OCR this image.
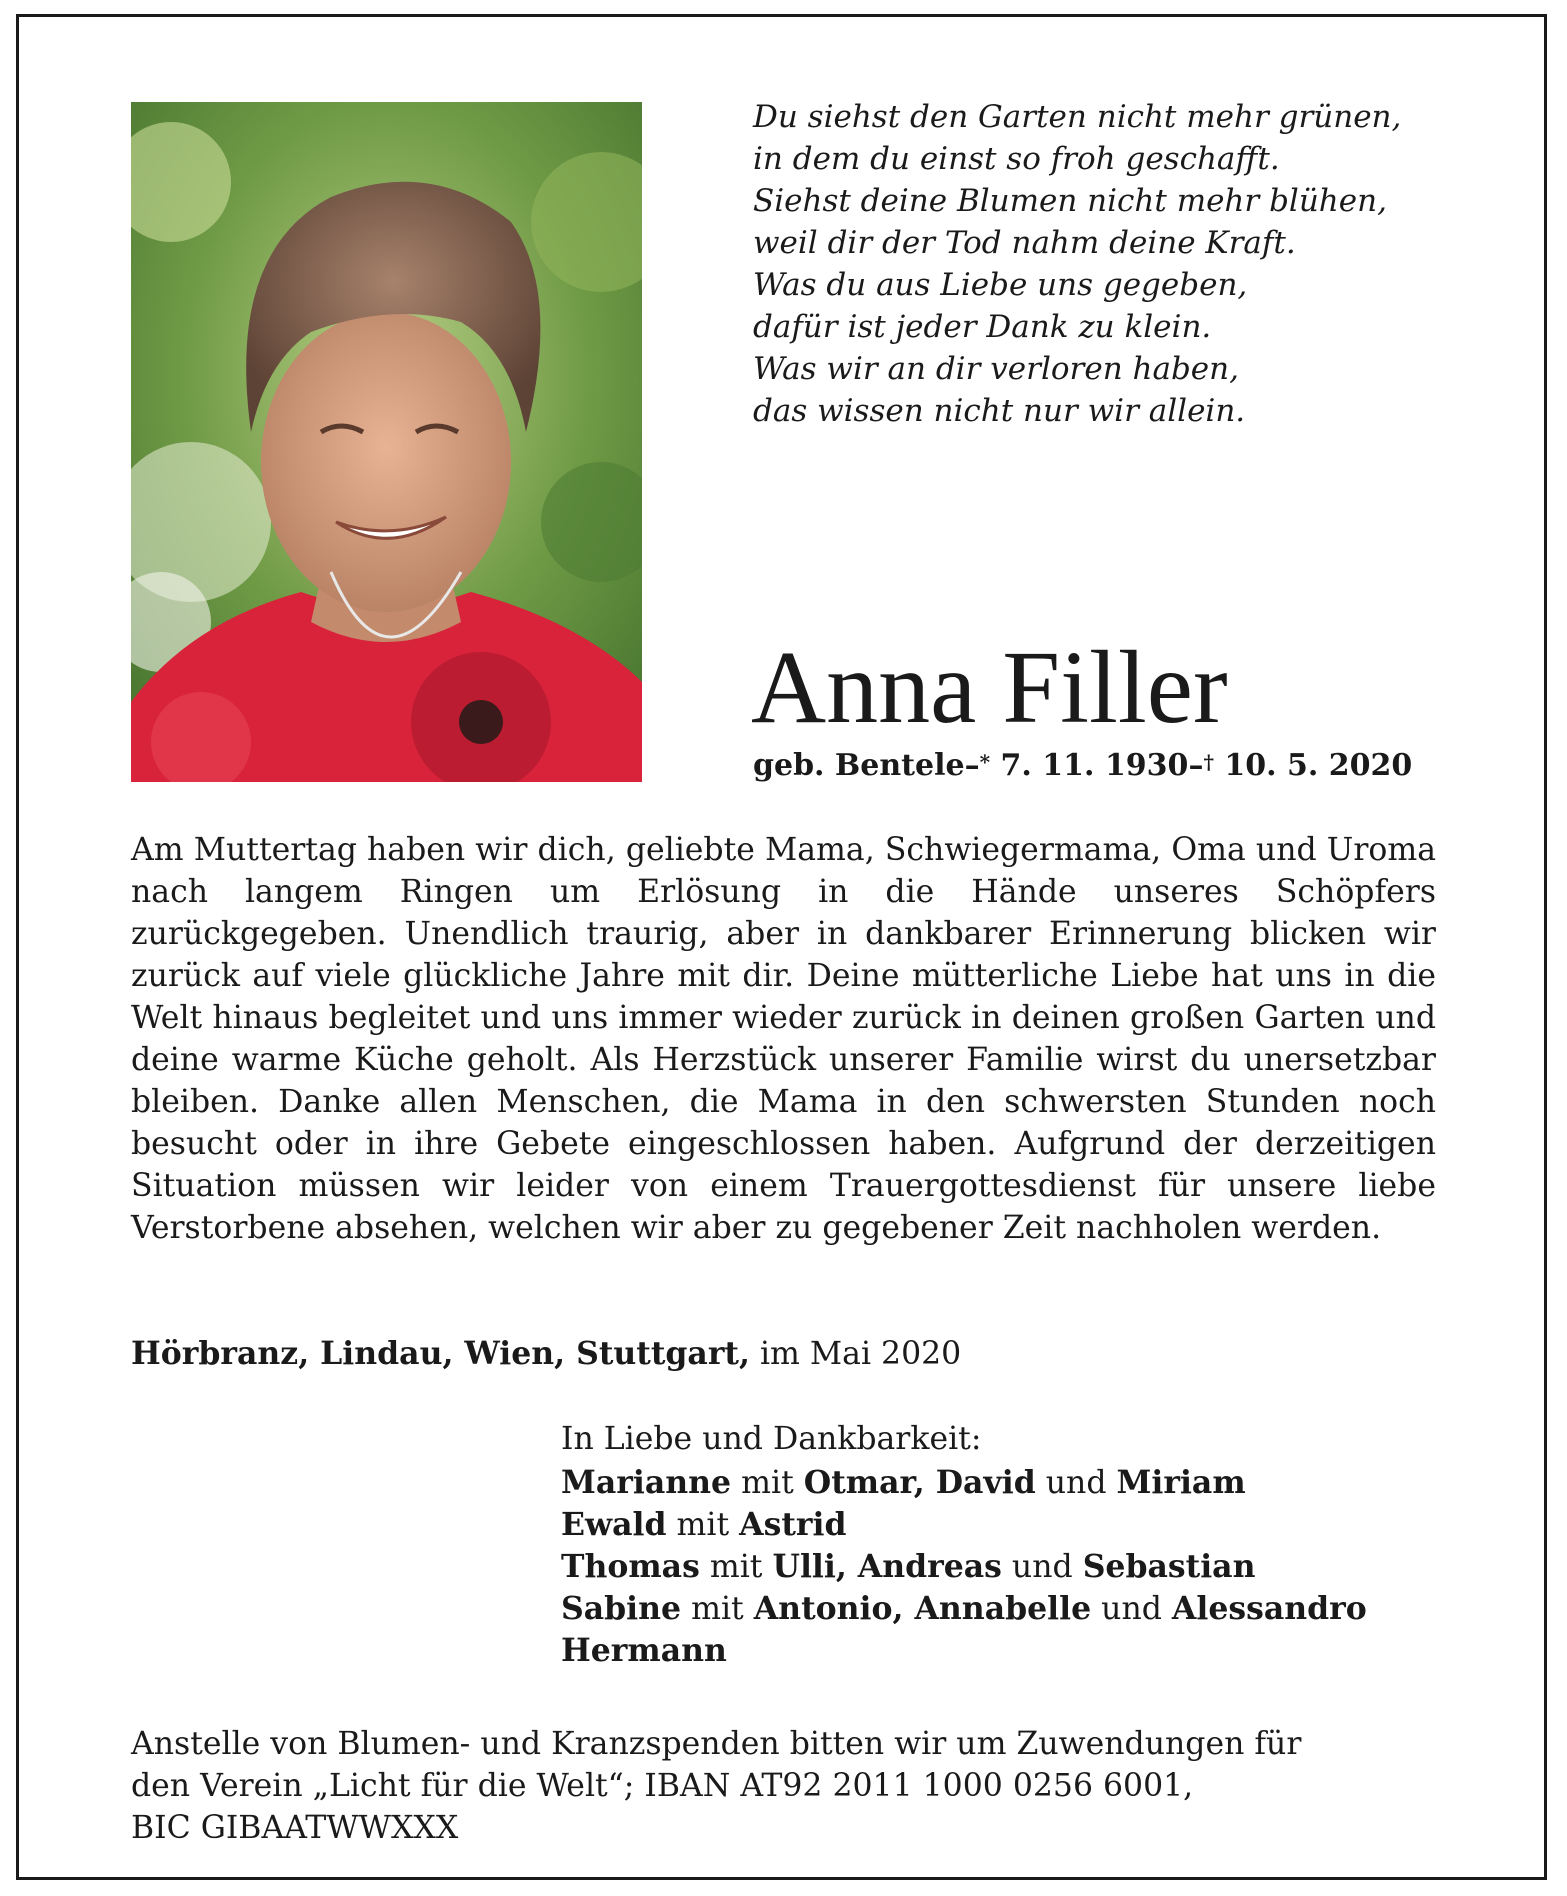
Du siehst den Garten nicht mehr grünen,
in dem du einst so froh geschafft.
Siehst deine Blumen nicht mehr blühen,
weil dir der Tod nahm deine Kraft.
Was du aus Liebe uns gegeben,
dafür ist jeder Dank zu klein.
Was wir an dir verloren haben,
das wissen nicht nur wir allein.
Anna Filler
geb. Bentele–* 7. 11. 1930–† 10. 5. 2020
Am Muttertag haben wir dich, geliebte Mama, Schwiegermama, Oma und Uroma nach langem Ringen um Erlösung in die Hände unseres Schöpfers zurückgegeben. Unendlich traurig, aber in dankbarer Erinnerung blicken wir zurück auf viele glückliche Jahre mit dir. Deine mütterliche Liebe hat uns in die Welt hinaus begleitet und uns immer wieder zurück in deinen großen Garten und deine warme Küche geholt. Als Herzstück unserer Familie wirst du unersetzbar bleiben. Danke allen Menschen, die Mama in den schwersten Stunden noch besucht oder in ihre Gebete eingeschlossen haben. Aufgrund der derzeitigen Situation müssen wir leider von einem Trauergottesdienst für unsere liebe Verstorbene absehen, welchen wir aber zu gegebener Zeit nachholen werden.
Hörbranz, Lindau, Wien, Stuttgart, im Mai 2020
In Liebe und Dankbarkeit:
Marianne mit Otmar, David und Miriam
Ewald mit Astrid
Thomas mit Ulli, Andreas und Sebastian
Sabine mit Antonio, Annabelle und Alessandro
Hermann
Anstelle von Blumen- und Kranzspenden bitten wir um Zuwendungen für
den Verein „Licht für die Welt“; IBAN AT92 2011 1000 0256 6001,
BIC GIBAATWWXXX
